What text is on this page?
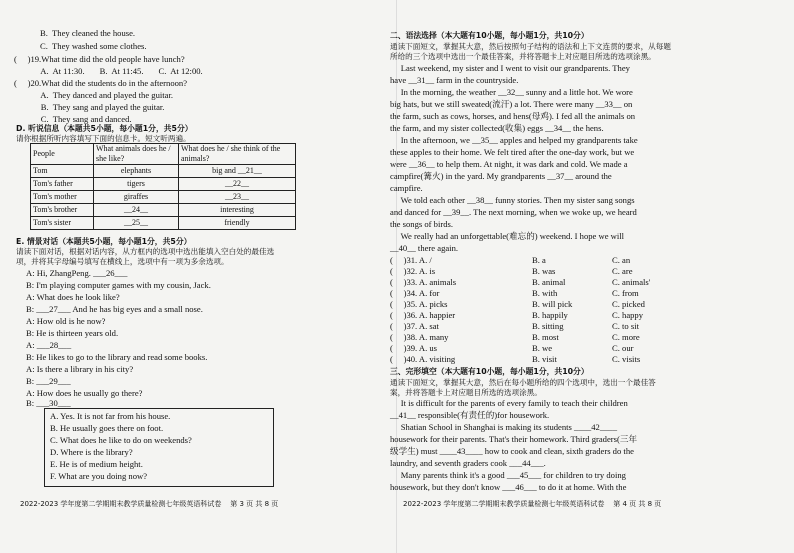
B.  They cleaned the house.
C.  They washed some clothes.
(     )19.What time did the old people have lunch?
A.  At 11:30.       B.  At 11:45.       C.  At 12:00.
(     )20.What did the students do in the afternoon?
A.  They danced and played the guitar.
B.  They sang and played the guitar.
C.  They sang and danced.
D. 听说信息（本题共5小题，每小题1分，共5分）
请你根据所听内容填写下面的信息卡。短文听两遍。
People	What animals does he / she like?	What does he / she think of the animals?
Tom	elephants	big and __21__
Tom's father	tigers	__22__
Tom's mother	giraffes	__23__
Tom's brother	__24__	interesting
Tom's sister	__25__	friendly
E. 情景对话（本题共5小题，每小题1分，共5分）
请读下面对话，根据对话内容，从方框内的选项中选出能填入空白处的最佳选
项，并将其字母编号填写在横线上，选项中有一项为多余选项。
A: Hi, ZhangPeng. ___26___
B: I'm playing computer games with my cousin, Jack.
A: What does he look like?
B: ___27___ And he has big eyes and a small nose.
A: How old is he now?
B: He is thirteen years old.
A: ___28___
B: He likes to go to the library and read some books.
A: Is there a library in his city?
B: ___29___
A: How does he usually go there?
B: ___30___
A. Yes. It is not far from his house.
B. He usually goes there on foot.
C. What does he like to do on weekends?
D. Where is the library?
E. He is of medium height.
F. What are you doing now?
2022-2023 学年度第二学期期末教学质量检测七年级英语科试卷    第 3 页 共 8 页
二、语法选择（本大题有10小题，每小题1分，共10分）
通读下面短文，掌握其大意，然后按照句子结构的语法和上下文连贯的要求，从每题
所给的三个选项中选出一个最佳答案，并将答题卡上对应题目所选的选项涂黑。
Last weekend, my sister and I went to visit our grandparents. They
have __31__ farm in the countryside.
In the morning, the weather __32__ sunny and a little hot. We wore
big hats, but we still sweated(流汗) a lot. There were many __33__ on
the farm, such as cows, horses, and hens(母鸡). I fed all the animals on
the farm, and my sister collected(收集) eggs __34__ the hens.
In the afternoon, we __35__ apples and helped my grandparents take
these apples to their home. We felt tired after the one-day work, but we
were __36__ to help them. At night, it was dark and cold. We made a
campfire(篝火) in the yard. My grandparents __37__ around the
campfire.
We told each other __38__ funny stories. Then my sister sang songs
and danced for __39__. The next morning, when we woke up, we heard
the songs of birds.
We really had an unforgettable(难忘的) weekend. I hope we will
__40__ there again.
(     )31. A. /	B. a	C. an
(     )32. A. is	B. was	C. are
(     )33. A. animals	B. animal	C. animals'
(     )34. A. for	B. with	C. from
(     )35. A. picks	B. will pick	C. picked
(     )36. A. happier	B. happily	C. happy
(     )37. A. sat	B. sitting	C. to sit
(     )38. A. many	B. most	C. more
(     )39. A. us	B. we	C. our
(     )40. A. visiting	B. visit	C. visits
三、完形填空（本大题有10小题，每小题1分，共10分）
通读下面短文，掌握其大意，然后在每小题所给的四个选项中，选出一个最佳答
案，并将答题卡上对应题目所选的选项涂黑。
It is difficult for the parents of every family to teach their children
__41__ responsible(有责任的)for housework.
Shatian School in Shanghai is making its students ____42____
housework for their parents. That's their homework. Third graders(三年
级学生) must ____43____ how to cook and clean, sixth graders do the
laundry, and seventh graders cook ___44___.
Many parents think it's a good ___45___ for children to try doing
housework, but they don't know ___46___ to do it at home. With the
2022-2023 学年度第二学期期末教学质量检测七年级英语科试卷    第 4 页 共 8 页
